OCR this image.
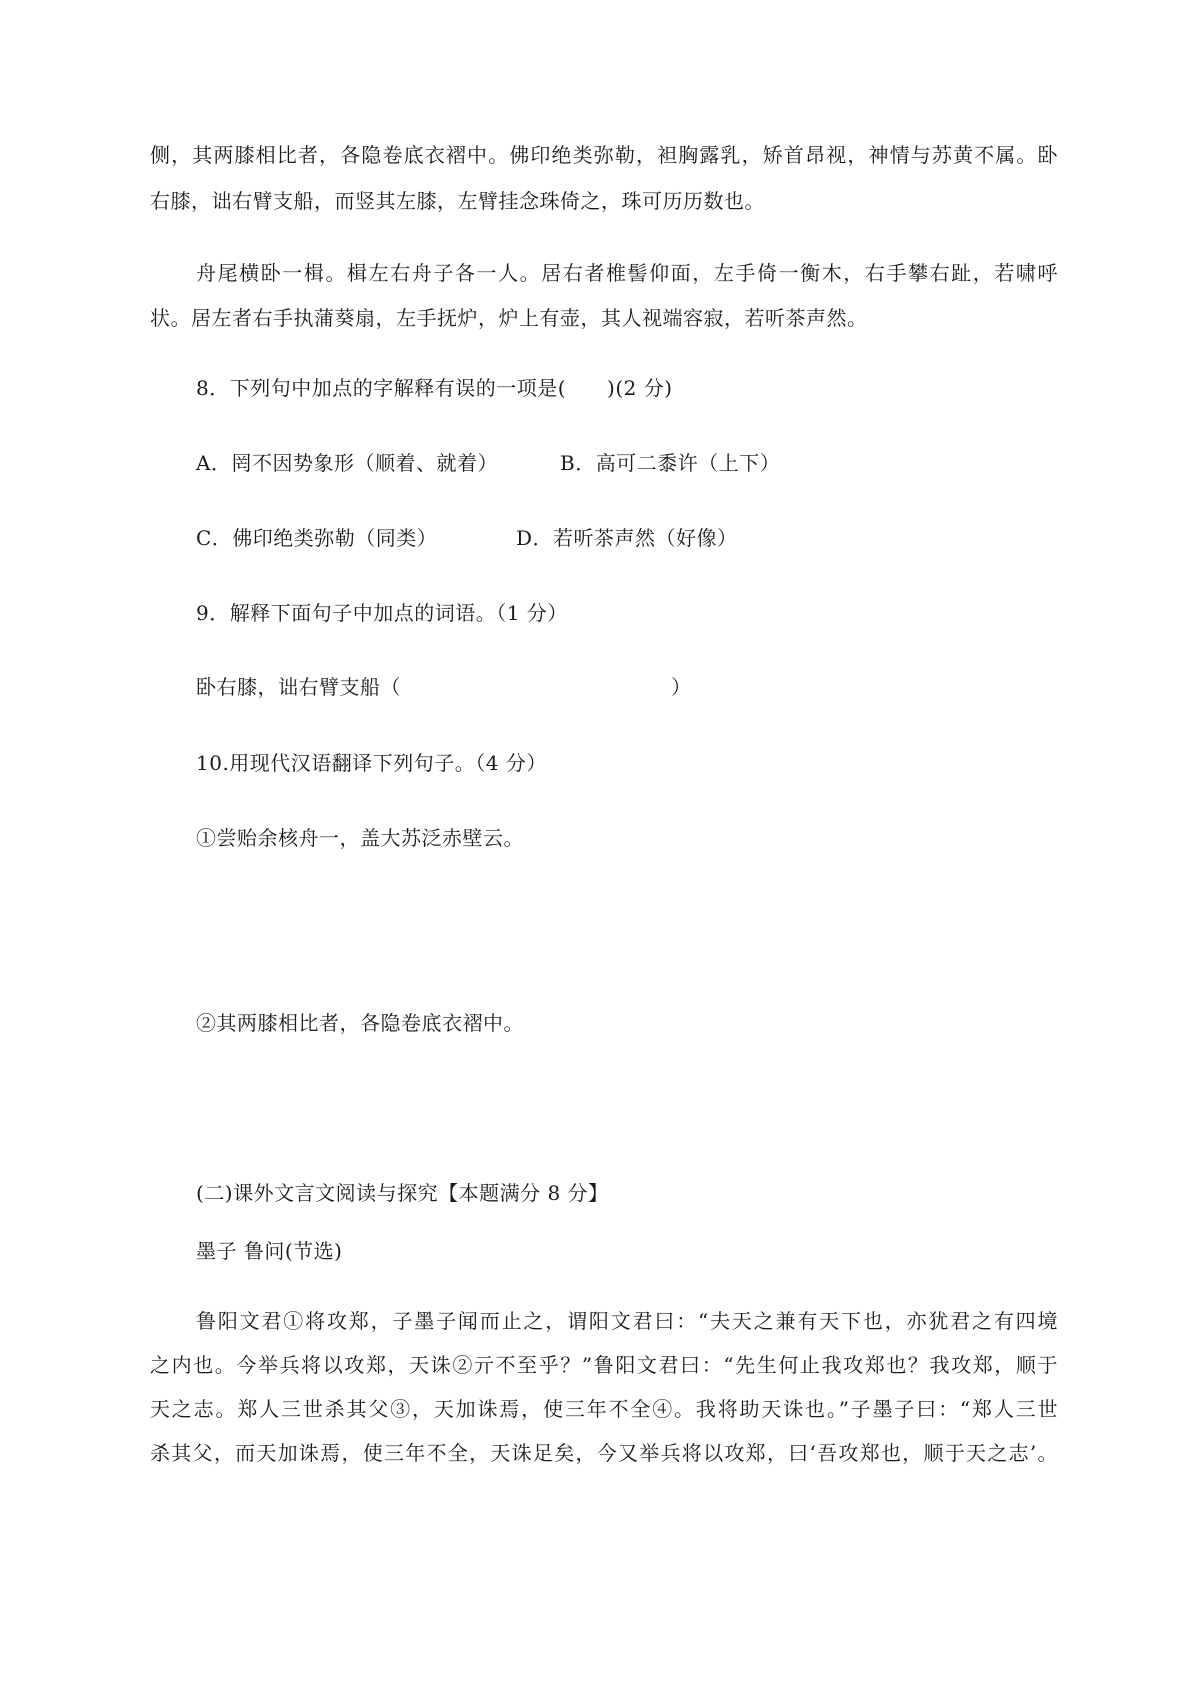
侧，其两膝相比者，各隐卷底衣褶中。佛印绝类弥勒，袒胸露乳，矫首昂视，神情与苏黄不属。卧
右膝，诎右臂支船，而竖其左膝，左臂挂念珠倚之，珠可历历数也。
舟尾横卧一楫。楫左右舟子各一人。居右者椎髻仰面，左手倚一衡木，右手攀右趾，若啸呼
状。居左者右手执蒲葵扇，左手抚炉，炉上有壶，其人视端容寂，若听茶声然。
8．下列句中加点的字解释有误的一项是(　　)(2 分)
A．罔不因势象形（顺着、就着）	B．高可二黍许（上下）
C．佛印绝类弥勒（同类）	D．若听茶声然（好像）
9．解释下面句子中加点的词语。（1 分）
卧右膝，诎右臂支船（	）
10.用现代汉语翻译下列句子。（4 分）
①尝贻余核舟一，盖大苏泛赤壁云。
②其两膝相比者，各隐卷底衣褶中。
(二)课外文言文阅读与探究【本题满分 8 分】
墨子 鲁问(节选)
鲁阳文君①将攻郑，子墨子闻而止之，谓阳文君曰：“夫天之兼有天下也，亦犹君之有四境
之内也。今举兵将以攻郑，天诛②亓不至乎？”鲁阳文君曰：“先生何止我攻郑也？我攻郑，顺于
天之志。郑人三世杀其父③，天加诛焉，使三年不全④。我将助天诛也。”子墨子曰：“郑人三世
杀其父，而天加诛焉，使三年不全，天诛足矣，今又举兵将以攻郑，曰‘吾攻郑也，顺于天之志’。
